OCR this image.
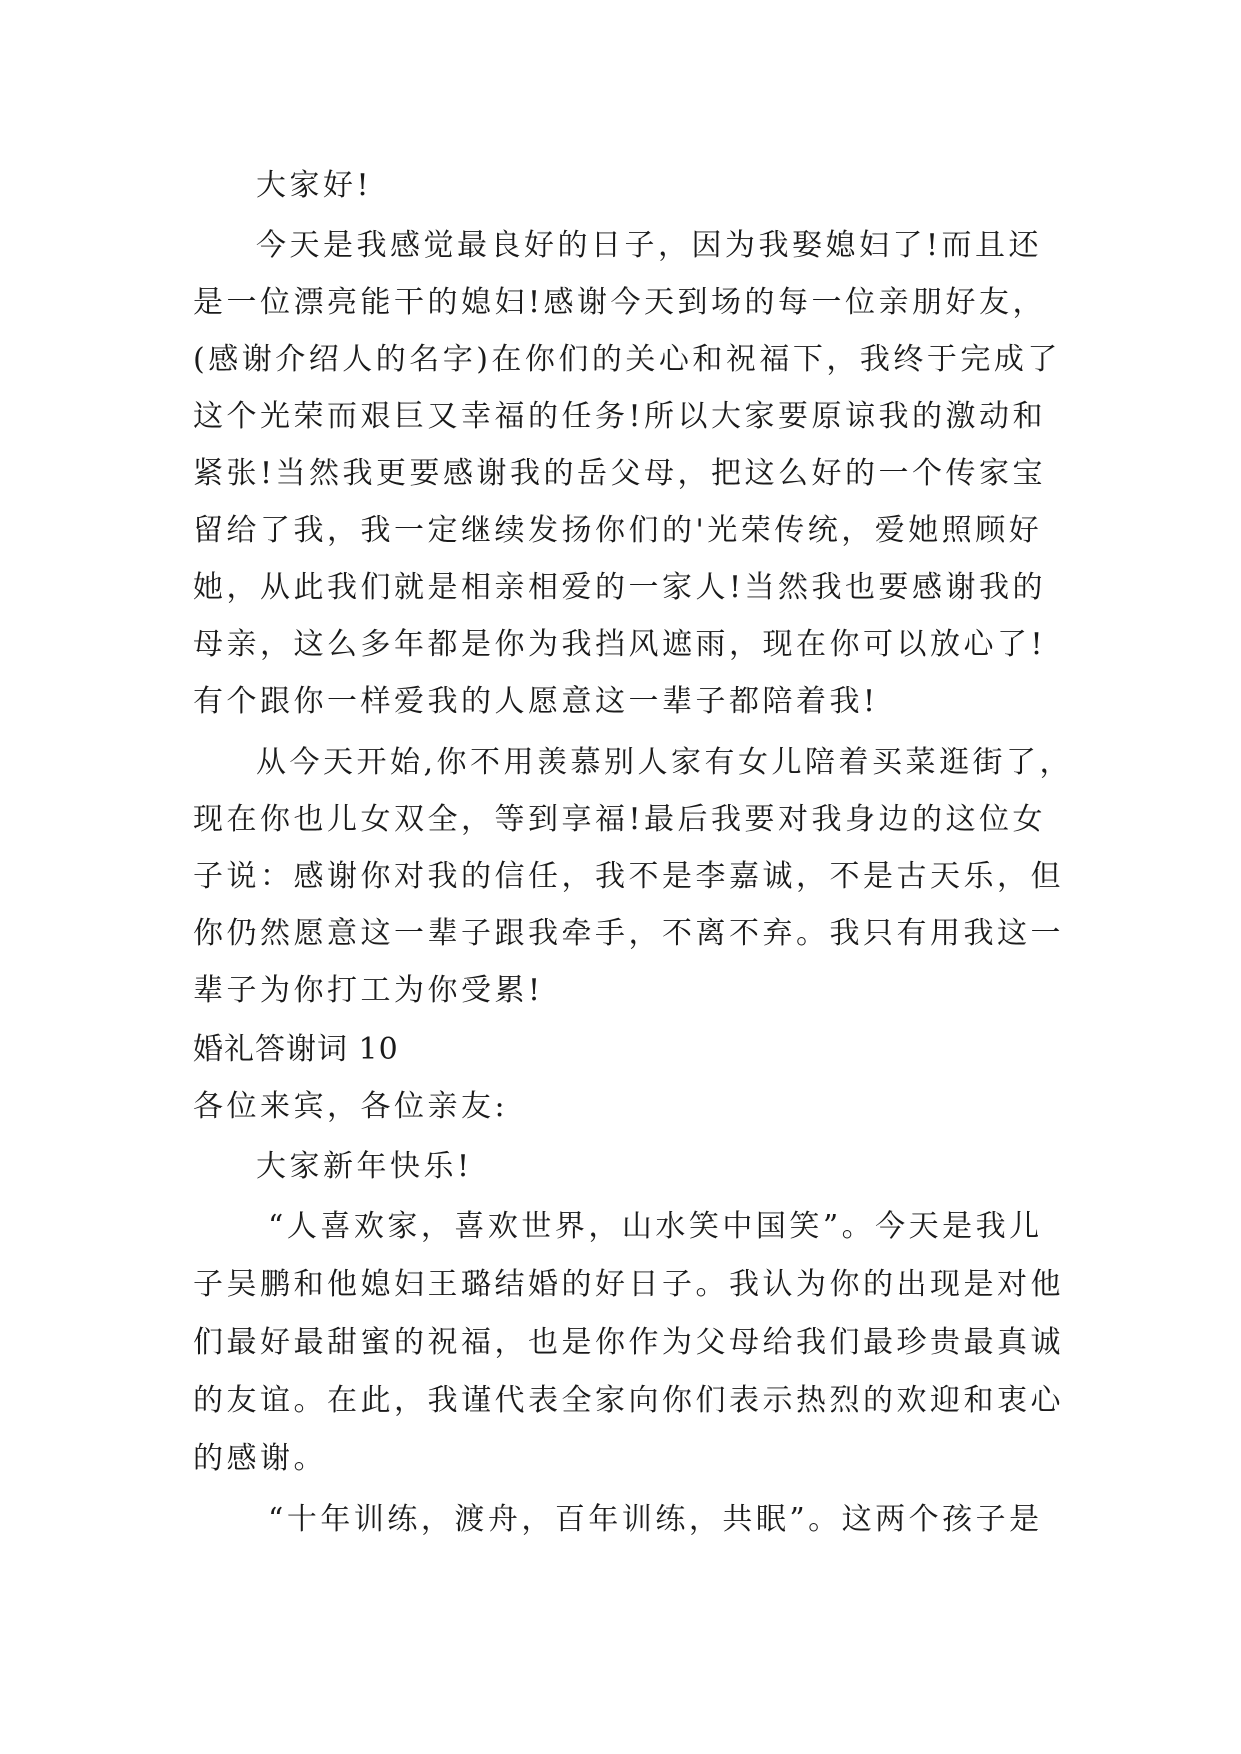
大家好!
今天是我感觉最良好的日子，因为我娶媳妇了!而且还
是一位漂亮能干的媳妇!感谢今天到场的每一位亲朋好友，
(感谢介绍人的名字)在你们的关心和祝福下，我终于完成了
这个光荣而艰巨又幸福的任务!所以大家要原谅我的激动和
紧张!当然我更要感谢我的岳父母，把这么好的一个传家宝
留给了我，我一定继续发扬你们的'光荣传统，爱她照顾好
她，从此我们就是相亲相爱的一家人!当然我也要感谢我的
母亲，这么多年都是你为我挡风遮雨，现在你可以放心了!
有个跟你一样爱我的人愿意这一辈子都陪着我!
从今天开始,你不用羡慕别人家有女儿陪着买菜逛街了，
现在你也儿女双全，等到享福!最后我要对我身边的这位女
子说：感谢你对我的信任，我不是李嘉诚，不是古天乐，但
你仍然愿意这一辈子跟我牵手，不离不弃。我只有用我这一
辈子为你打工为你受累!
婚礼答谢词 10
各位来宾，各位亲友:
大家新年快乐!
“人喜欢家，喜欢世界，山水笑中国笑”。今天是我儿
子吴鹏和他媳妇王璐结婚的好日子。我认为你的出现是对他
们最好最甜蜜的祝福，也是你作为父母给我们最珍贵最真诚
的友谊。在此，我谨代表全家向你们表示热烈的欢迎和衷心
的感谢。
“十年训练，渡舟，百年训练，共眠”。这两个孩子是
